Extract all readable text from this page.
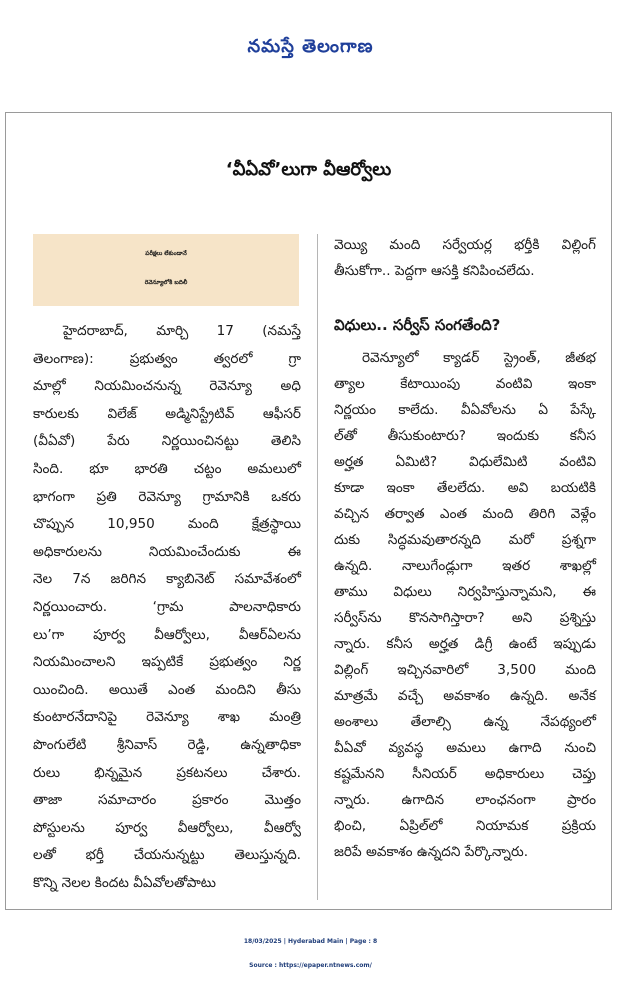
నమస్తే తెలంగాణ
‘వీఏవో’లుగా వీఆర్వోలు
పరీక్షలు లేకుండానే
రెవెన్యూలోకి బదిలీ
హైదరాబాద్, మార్చి 17 (నమస్తే
తెలంగాణ): ప్రభుత్వం త్వరలో గ్రా
మాల్లో నియమించనున్న రెవెన్యూ అధి
కారులకు విలేజ్ అడ్మినిస్ట్రేటివ్ ఆఫీసర్
(వీఏవో) పేరు నిర్ణయించినట్టు తెలిసి
సింది. భూ భారతి చట్టం అమలులో
భాగంగా ప్రతి రెవెన్యూ గ్రామానికి ఒకరు
చొప్పున 10,950 మంది క్షేత్రస్థాయి
అధికారులను నియమించేందుకు ఈ
నెల 7న జరిగిన క్యాబినెట్ సమావేశంలో
నిర్ణయించారు. ‘గ్రామ పాలనాధికారు
లు’గా పూర్వ వీఆర్వోలు, వీఆర్ఏలను
నియమించాలని ఇప్పటికే ప్రభుత్వం నిర్ణ
యించింది. అయితే ఎంత మందిని తీసు
కుంటారనేదానిపై రెవెన్యూ శాఖ మంత్రి
పొంగులేటి శ్రీనివాస్ రెడ్డి, ఉన్నతాధికా
రులు భిన్నమైన ప్రకటనలు చేశారు.
తాజా సమాచారం ప్రకారం మొత్తం
పోస్టులను పూర్వ వీఆర్వోలు, వీఆర్వో
లతో భర్తీ చేయనున్నట్టు తెలుస్తున్నది.
కొన్ని నెలల కిందట వీఏవోలతోపాటు
వెయ్యి మంది సర్వేయర్ల భర్తీకి విల్లింగ్
తీసుకోగా.. పెద్దగా ఆసక్తి కనిపించలేదు.
విధులు.. సర్వీస్ సంగతేంది?
రెవెన్యూలో క్యాడర్ స్ట్రెంత్, జీతభ
త్యాల కేటాయింపు వంటివి ఇంకా
నిర్ణయం కాలేదు. వీఏవోలను ఏ పేస్కే
ల్‌తో తీసుకుంటారు? ఇందుకు కనీస
అర్హత ఏమిటి? విధులేమిటి వంటివి
కూడా ఇంకా తేలలేదు. అవి బయటికి
వచ్చిన తర్వాత ఎంత మంది తిరిగి వెళ్లేం
దుకు సిద్ధమవుతారన్నది మరో ప్రశ్నగా
ఉన్నది. నాలుగేండ్లుగా ఇతర శాఖల్లో
తాము విధులు నిర్వహిస్తున్నామని, ఈ
సర్వీస్‌ను కొనసాగిస్తారా? అని ప్రశ్నిస్తు
న్నారు. కనీస అర్హత డిగ్రీ ఉంటే ఇప్పుడు
విల్లింగ్ ఇచ్చినవారిలో 3,500 మంది
మాత్రమే వచ్చే అవకాశం ఉన్నది. అనేక
అంశాలు తేలాల్సి ఉన్న నేపథ్యంలో
వీఏవో వ్యవస్థ అమలు ఉగాది నుంచి
కష్టమేనని సీనియర్ అధికారులు చెప్తు
న్నారు. ఉగాదిన లాంఛనంగా ప్రారం
భించి, ఏప్రిల్‌లో నియామక ప్రక్రియ
జరిపే అవకాశం ఉన్నదని పేర్కొన్నారు.
18/03/2025 | Hyderabad Main | Page : 8
Source : https://epaper.ntnews.com/
